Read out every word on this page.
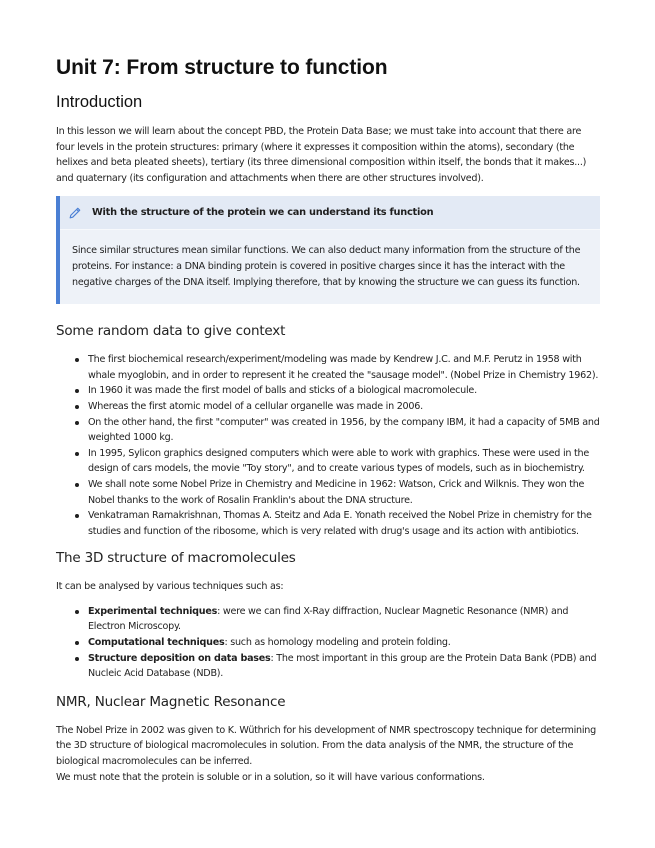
Unit 7: From structure to function
Introduction

In this lesson we will learn about the concept PBD, the Protein Data Base; we must take into account that there are four levels in the protein structures: primary (where it expresses it composition within the atoms), secondary (the helixes and beta pleated sheets), tertiary (its three dimensional composition within itself, the bonds that it makes...) and quaternary (its configuration and attachments when there are other structures involved).

With the structure of the protein we can understand its function

Since similar structures mean similar functions. We can also deduct many information from the structure of the proteins. For instance: a DNA binding protein is covered in positive charges since it has the interact with the negative charges of the DNA itself. Implying therefore, that by knowing the structure we can guess its function.

Some random data to give context
The first biochemical research/experiment/modeling was made by Kendrew J.C. and M.F. Perutz in 1958 with whale myoglobin, and in order to represent it he created the "sausage model". (Nobel Prize in Chemistry 1962).
In 1960 it was made the first model of balls and sticks of a biological macromolecule.
Whereas the first atomic model of a cellular organelle was made in 2006.
On the other hand, the first "computer" was created in 1956, by the company IBM, it had a capacity of 5MB and weighted 1000 kg.
In 1995, Sylicon graphics designed computers which were able to work with graphics. These were used in the design of cars models, the movie "Toy story", and to create various types of models, such as in biochemistry.
We shall note some Nobel Prize in Chemistry and Medicine in 1962: Watson, Crick and Wilknis. They won the Nobel thanks to the work of Rosalin Franklin's about the DNA structure.
Venkatraman Ramakrishnan, Thomas A. Steitz and Ada E. Yonath received the Nobel Prize in chemistry for the studies and function of the ribosome, which is very related with drug's usage and its action with antibiotics.
The 3D structure of macromolecules

It can be analysed by various techniques such as:

Experimental techniques: were we can find X-Ray diffraction, Nuclear Magnetic Resonance (NMR) and Electron Microscopy.
Computational techniques: such as homology modeling and protein folding.
Structure deposition on data bases: The most important in this group are the Protein Data Bank (PDB) and Nucleic Acid Database (NDB).
NMR, Nuclear Magnetic Resonance

The Nobel Prize in 2002 was given to K. Wüthrich for his development of NMR spectroscopy technique for determining the 3D structure of biological macromolecules in solution. From the data analysis of the NMR, the structure of the biological macromolecules can be inferred.

We must note that the protein is soluble or in a solution, so it will have various conformations.
